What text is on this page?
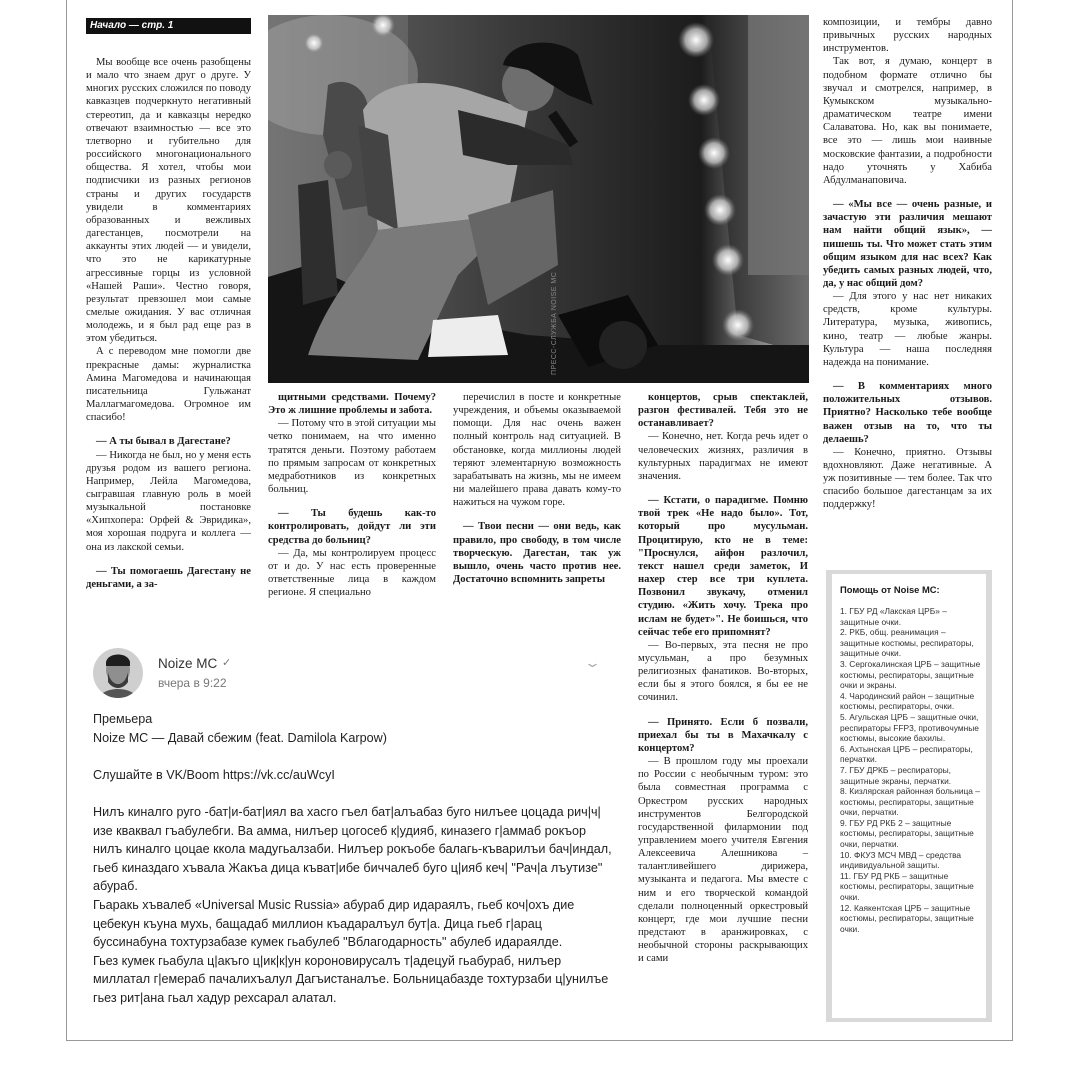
Начало — стр. 1

Мы вообще все очень разобщены и мало что знаем друг о друге. У многих русских сложился по поводу кавказцев подчеркнуто негативный стереотип, да и кавказцы нередко отвечают взаимностью — все это тлетворно и губительно для российского многонационального общества. Я хотел, чтобы мои подписчики из разных регионов страны и других государств увидели в комментариях образованных и вежливых дагестанцев, посмотрели на аккаунты этих людей — и увидели, что это не карикатурные агрессивные горцы из условной «Нашей Раши». Честно говоря, результат превзошел мои самые смелые ожидания. У вас отличная молодежь, и я был рад еще раз в этом убедиться.

А с переводом мне помогли две прекрасные дамы: журналистка Амина Магомедова и начинающая писательница Гульжанат Маллагмагомедова. Огромное им спасибо!

— А ты бывал в Дагестане?

— Никогда не был, но у меня есть друзья родом из вашего региона. Например, Лейла Магомедова, сыгравшая главную роль в моей музыкальной постановке «Хипхопера: Орфей & Эвридика», моя хорошая подруга и коллега — она из лакской семьи.

— Ты помогаешь Дагестану не деньгами, а за-

ПРЕСС-СЛУЖБА NOISE MC

щитными средствами. Почему? Это ж лишние проблемы и забота.

— Потому что в этой ситуации мы четко понимаем, на что именно тратятся деньги. Поэтому работаем по прямым запросам от конкретных медработников из конкретных больниц.

— Ты будешь как-то контролировать, дойдут ли эти средства до больниц?

— Да, мы контролируем процесс от и до. У нас есть проверенные ответственные лица в каждом регионе. Я специально

перечислил в посте и конкретные учреждения, и объемы оказываемой помощи. Для нас очень важен полный контроль над ситуацией. В обстановке, когда миллионы людей теряют элементарную возможность зарабатывать на жизнь, мы не имеем ни малейшего права давать кому-то нажиться на чужом горе.

— Твои песни — они ведь, как правило, про свободу, в том числе творческую. Дагестан, так уж вышло, очень часто против нее. Достаточно вспомнить запреты

концертов, срыв спектаклей, разгон фестивалей. Тебя это не останавливает?

— Конечно, нет. Когда речь идет о человеческих жизнях, различия в культурных парадигмах не имеют значения.

— Кстати, о парадигме. Помню твой трек «Не надо было». Тот, который про мусульман. Процитирую, кто не в теме: "Проснулся, айфон разлочил, текст нашел среди заметок, И нахер стер все три куплета. Позвонил звукачу, отменил студию. «Жить хочу. Трека про ислам не будет»". Не боишься, что сейчас тебе его припомнят?

— Во-первых, эта песня не про мусульман, а про безумных религиозных фанатиков. Во-вторых, если бы я этого боялся, я бы ее не сочинил.

— Принято. Если б позвали, приехал бы ты в Махачкалу с концертом?

— В прошлом году мы проехали по России с необычным туром: это была совместная программа с Оркестром русских народных инструментов Белгородской государственной филармонии под управлением моего учителя Евгения Алексеевича Алешникова – талантливейшего дирижера, музыканта и педагога. Мы вместе с ним и его творческой командой сделали полноценный оркестровый концерт, где мои лучшие песни предстают в аранжировках, с необычной стороны раскрывающих и сами

композиции, и тембры давно привычных русских народных инструментов.

Так вот, я думаю, концерт в подобном формате отлично бы звучал и смотрелся, например, в Кумыкском музыкально-драматическом театре имени Салаватова. Но, как вы понимаете, все это — лишь мои наивные московские фантазии, а подробности надо уточнять у Хабиба Абдулманаповича.

— «Мы все — очень разные, и зачастую эти различия мешают нам найти общий язык», — пишешь ты. Что может стать этим общим языком для нас всех? Как убедить самых разных людей, что, да, у нас общий дом?

— Для этого у нас нет никаких средств, кроме культуры. Литература, музыка, живопись, кино, театр — любые жанры. Культура — наша последняя надежда на понимание.

— В комментариях много положительных отзывов. Приятно? Насколько тебе вообще важен отзыв на то, что ты делаешь?

— Конечно, приятно. Отзывы вдохновляют. Даже негативные. А уж позитивные — тем более. Так что спасибо большое дагестанцам за их поддержку!

Noize MC ✓
вчера в 9:22
⌄

Премьера

Noize MC — Давай сбежим (feat. Damilola Karpow)

Слушайте в VK/Boom https://vk.cc/auWcyI

Нилъ киналго руго -бат|и-бат|иял ва хасго гъел бат|алъабаз буго нилъее цоцада рич|ч|изе кваквал гъабулебги. Ва амма, нилъер цогосеб к|удияб, киназего г|аммаб рокъор нилъ киналго цоцае ккола мадугьалзаби. Нилъер рокъобе балагь-къварилъи бач|индал, гьеб киназдаго хъвала Жакъа дица къват|ибе биччалеб буго ц|ияб кеч| "Рач|а лъутизе" абураб.

Гьаракь хъвалеб «Universal Music Russia» абураб дир идараялъ, гьеб коч|охъ дие цебекун къуна мухь, бащадаб миллион къадаралъул бут|а. Дица гьеб г|арац буссинабуна тохтурзабазе кумек гьабулеб "Вблагодарность" абулеб идараялде.

Гьез кумек гьабула ц|акъго ц|ик|к|ун короновирусалъ т|адецуй гьабураб, нилъер миллатал г|емераб пачалихъалул Дагъистаналъе. Больницабазде тохтурзаби ц|унилъе гьез рит|ана гьал хадур рехсарал алатал.

Помощь от Noise MC:
1. ГБУ РД «Лакская ЦРБ» – защитные очки.
2. РКБ, общ. реанимация – защитные костюмы, респираторы, защитные очки.
3. Сергокалинская ЦРБ – защитные костюмы, респираторы, защитные очки и экраны.
4. Чародинский район – защитные костюмы, респираторы, очки.
5. Агульская ЦРБ – защитные очки, респираторы FFP3, противочумные костюмы, высокие бахилы.
6. Ахтынская ЦРБ – респираторы, перчатки.
7. ГБУ ДРКБ – респираторы, защитные экраны, перчатки.
8. Кизлярская районная больница – костюмы, респираторы, защитные очки, перчатки.
9. ГБУ РД РКБ 2 – защитные костюмы, респираторы, защитные очки, перчатки.
10. ФКУЗ МСЧ МВД – средства индивидуальной защиты.
11. ГБУ РД РКБ – защитные костюмы, респираторы, защитные очки.
12. Каякентская ЦРБ – защитные костюмы, респираторы, защитные очки.
